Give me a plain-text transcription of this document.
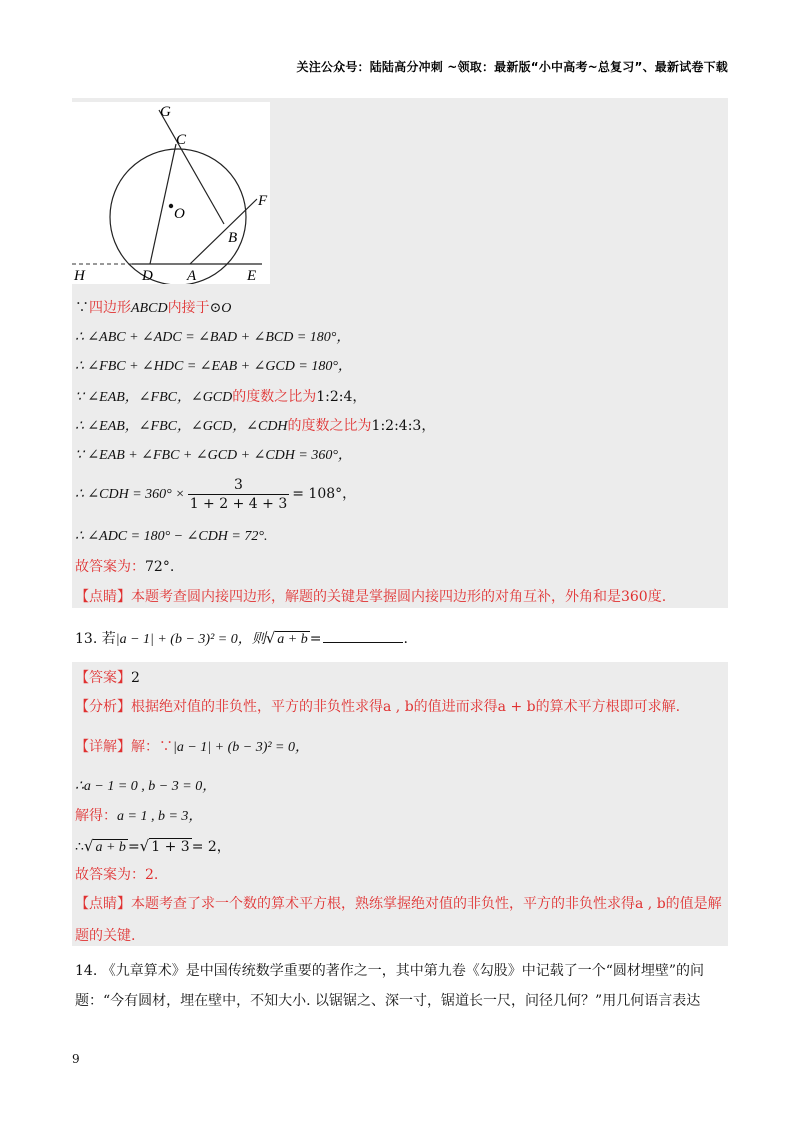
关注公众号：陆陆高分冲刺 ~领取：最新版“小中高考~总复习”、最新试卷下载
G
C
O
F
B
H	D A	E
∵四边形ABCD内接于⊙O
∴ ∠ABC + ∠ADC = ∠BAD + ∠BCD = 180°，
∴ ∠FBC + ∠HDC = ∠EAB + ∠GCD = 180°，
∵ ∠EAB，∠FBC，∠GCD的度数之比为1:2:4，
∴ ∠EAB，∠FBC，∠GCD，∠CDH的度数之比为1:2:4:3，
∵ ∠EAB + ∠FBC + ∠GCD + ∠CDH = 360°，
∴ ∠CDH = $360^\circ \times \frac{3}{1 + 2 + 4 + 3} = 108^\circ$，
∴ ∠ADC = 180° − ∠CDH = 72°.
故答案为：72°.
【点睛】本题考查圆内接四边形，解题的关键是掌握圆内接四边形的对角互补，外角和是360度.
13. 若|a − 1| + (b − 3)² = 0，则√ a + b =	.
【答案】2
【分析】根据绝对值的非负性，平方的非负性求得a , b的值进而求得a + b的算术平方根即可求解.
【详解】解：∵|a − 1| + (b − 3)² = 0，
∴a − 1 = 0 , b − 3 = 0，
解得：a = 1 , b = 3，
∴√ a + b =√ 1 + 3 = 2，
故答案为：2.
【点睛】本题考查了求一个数的算术平方根，熟练掌握绝对值的非负性，平方的非负性求得a , b的值是解
题的关键.
14. 《九章算术》是中国传统数学重要的著作之一，其中第九卷《勾股》中记载了一个“圆材埋壁”的问
题：“今有圆材，埋在壁中，不知大小. 以锯锯之、深一寸，锯道长一尺，问径几何？”用几何语言表达
9
